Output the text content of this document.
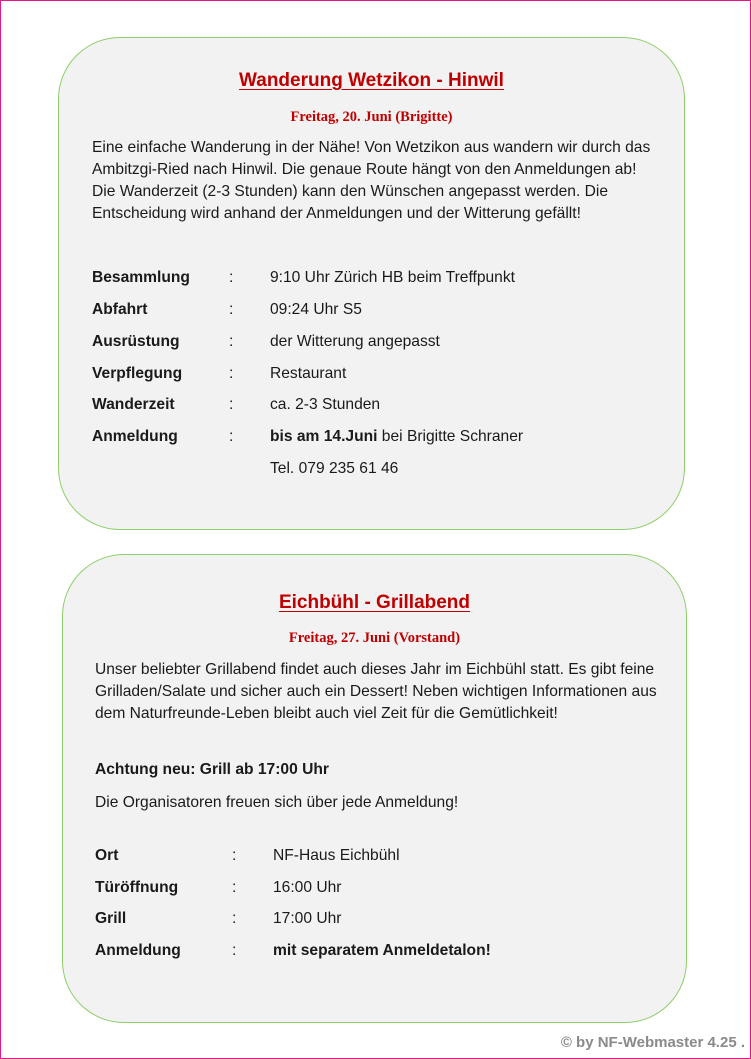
Wanderung Wetzikon - Hinwil
Freitag, 20. Juni (Brigitte)

Eine einfache Wanderung in der Nähe! Von Wetzikon aus wandern wir durch das Ambitzgi-Ried nach Hinwil. Die genaue Route hängt von den Anmeldungen ab! Die Wanderzeit (2-3 Stunden) kann den Wünschen angepasst werden. Die Entscheidung wird anhand der Anmeldungen und der Witterung gefällt!

Besammlung	: 9:10 Uhr Zürich HB beim Treffpunkt
Abfahrt	: 09:24 Uhr S5
Ausrüstung	: der Witterung angepasst
Verpflegung	: Restaurant
Wanderzeit	: ca. 2-3 Stunden
Anmeldung	: bis am 14.Juni bei Brigitte Schraner
Tel. 079 235 61 46
Eichbühl - Grillabend
Freitag, 27. Juni (Vorstand)

Unser beliebter Grillabend findet auch dieses Jahr im Eichbühl statt. Es gibt feine Grilladen/Salate und sicher auch ein Dessert! Neben wichtigen Informationen aus dem Naturfreunde-Leben bleibt auch viel Zeit für die Gemütlichkeit!

Achtung neu: Grill ab 17:00 Uhr

Die Organisatoren freuen sich über jede Anmeldung!

Ort	: NF-Haus Eichbühl
Türöffnung	: 16:00 Uhr
Grill	: 17:00 Uhr
Anmeldung	: mit separatem Anmeldetalon!
© by NF-Webmaster 4.25 .
